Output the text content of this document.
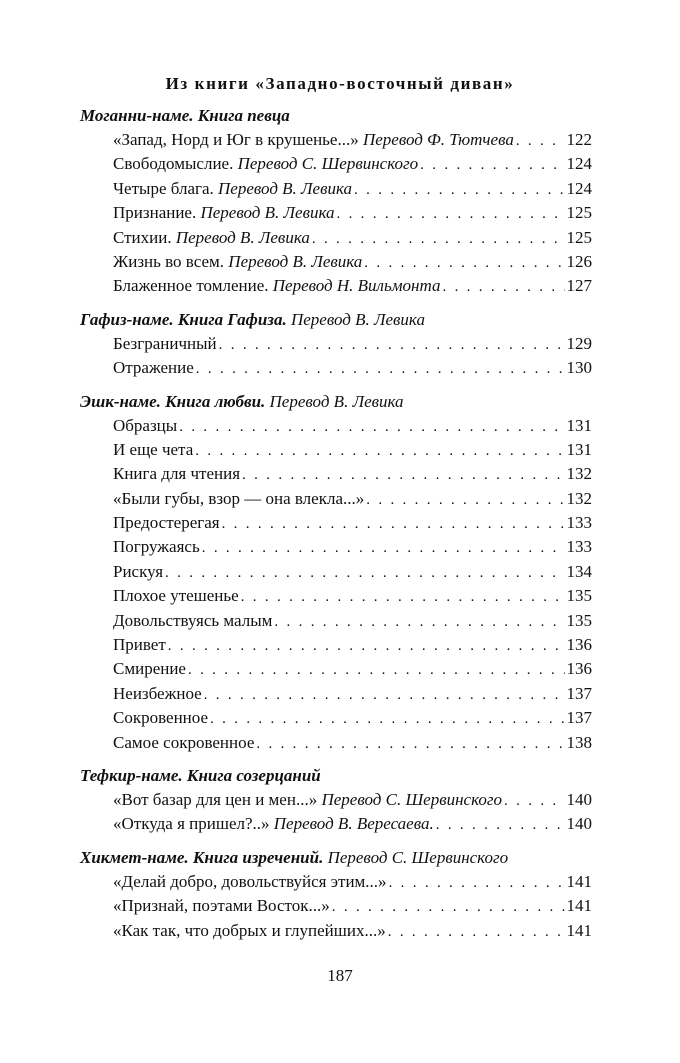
Из книги «Западно-восточный диван»
Моганни-наме. Книга певца
«Запад, Норд и Юг в крушенье...» Перевод Ф. Тютчева . . .	122
Свободомыслие. Перевод С. Шервинского . . .	124
Четыре блага. Перевод В. Левика . . .	124
Признание. Перевод В. Левика . . .	125
Стихии. Перевод В. Левика . . .	125
Жизнь во всем. Перевод В. Левика . . .	126
Блаженное томление. Перевод Н. Вильмонта . . .	127
Гафиз-наме. Книга Гафиза. Перевод В. Левика
Безграничный . . .	129
Отражение . . .	130
Эшк-наме. Книга любви. Перевод В. Левика
Образцы . . .	131
И еще чета . . .	131
Книга для чтения . . .	132
«Были губы, взор — она влекла...» . . .	132
Предостерегая . . .	133
Погружаясь . . .	133
Рискуя . . .	134
Плохое утешенье . . .	135
Довольствуясь малым . . .	135
Привет . . .	136
Смирение . . .	136
Неизбежное . . .	137
Сокровенное . . .	137
Самое сокровенное . . .	138
Тефкир-наме. Книга созерцаний
«Вот базар для цен и мен...» Перевод С. Шервинского . . .	140
«Откуда я пришел?..» Перевод В. Вересаева. . . .	140
Хикмет-наме. Книга изречений. Перевод С. Шервинского
«Делай добро, довольствуйся этим...» . . .	141
«Признай, поэтами Восток...» . . .	141
«Как так, что добрых и глупейших...» . . .	141
187
